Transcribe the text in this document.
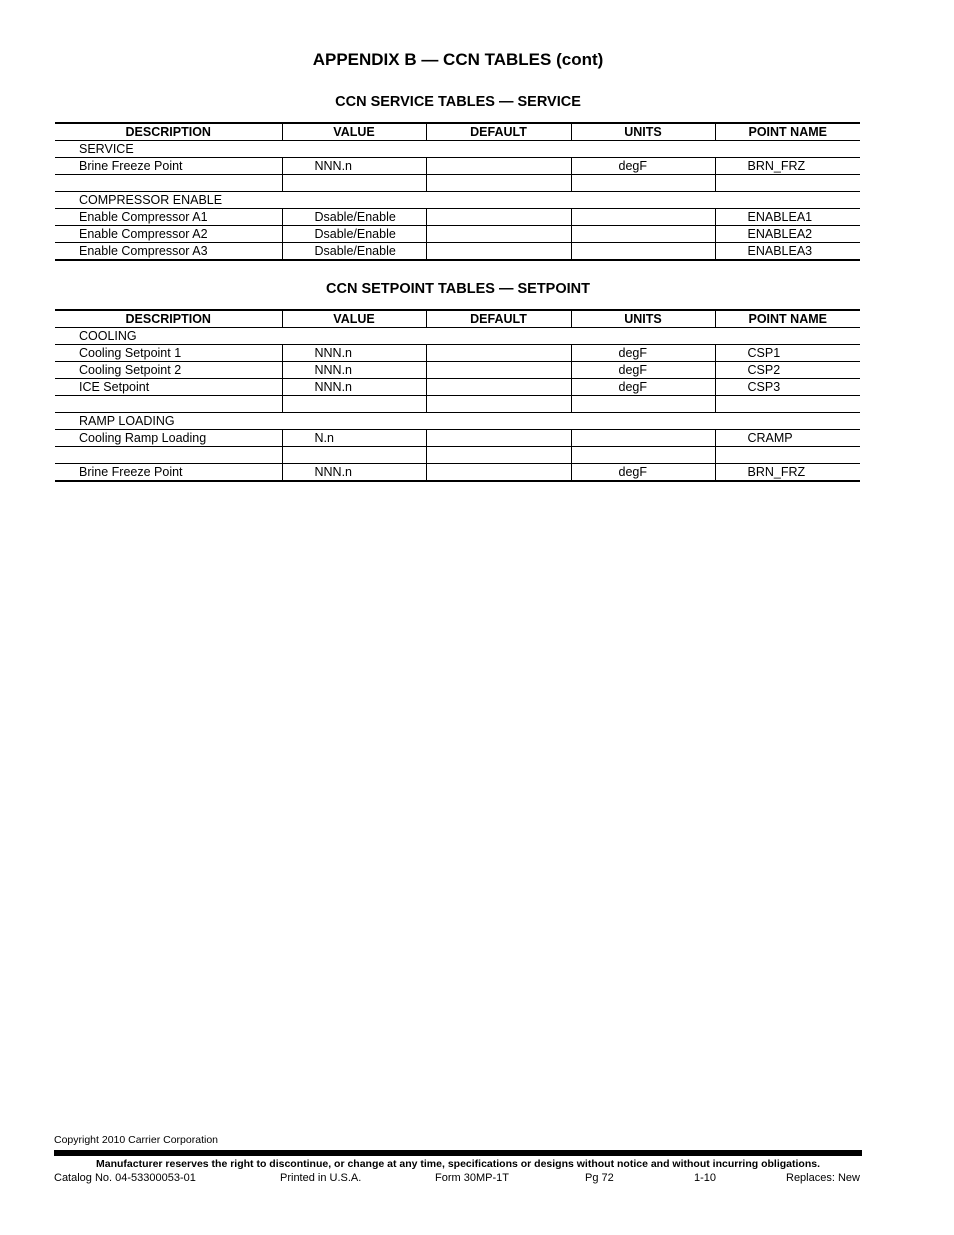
APPENDIX B — CCN TABLES (cont)
CCN SERVICE TABLES — SERVICE
DESCRIPTION	VALUE	DEFAULT	UNITS	POINT NAME
SERVICE				
Brine Freeze Point	NNN.n		degF	BRN_FRZ

COMPRESSOR ENABLE				
Enable Compressor A1	Dsable/Enable			ENABLEA1
Enable Compressor A2	Dsable/Enable			ENABLEA2
Enable Compressor A3	Dsable/Enable			ENABLEA3
CCN SETPOINT TABLES — SETPOINT
DESCRIPTION	VALUE	DEFAULT	UNITS	POINT NAME
COOLING				
Cooling Setpoint 1	NNN.n		degF	CSP1
Cooling Setpoint 2	NNN.n		degF	CSP2
ICE Setpoint	NNN.n		degF	CSP3

RAMP LOADING				
Cooling Ramp Loading	N.n			CRAMP

Brine Freeze Point	NNN.n		degF	BRN_FRZ
Copyright 2010 Carrier Corporation
Manufacturer reserves the right to discontinue, or change at any time, specifications or designs without notice and without incurring obligations.
Catalog No. 04-53300053-01	Printed in U.S.A.	Form 30MP-1T	Pg 72	1-10	Replaces: New
